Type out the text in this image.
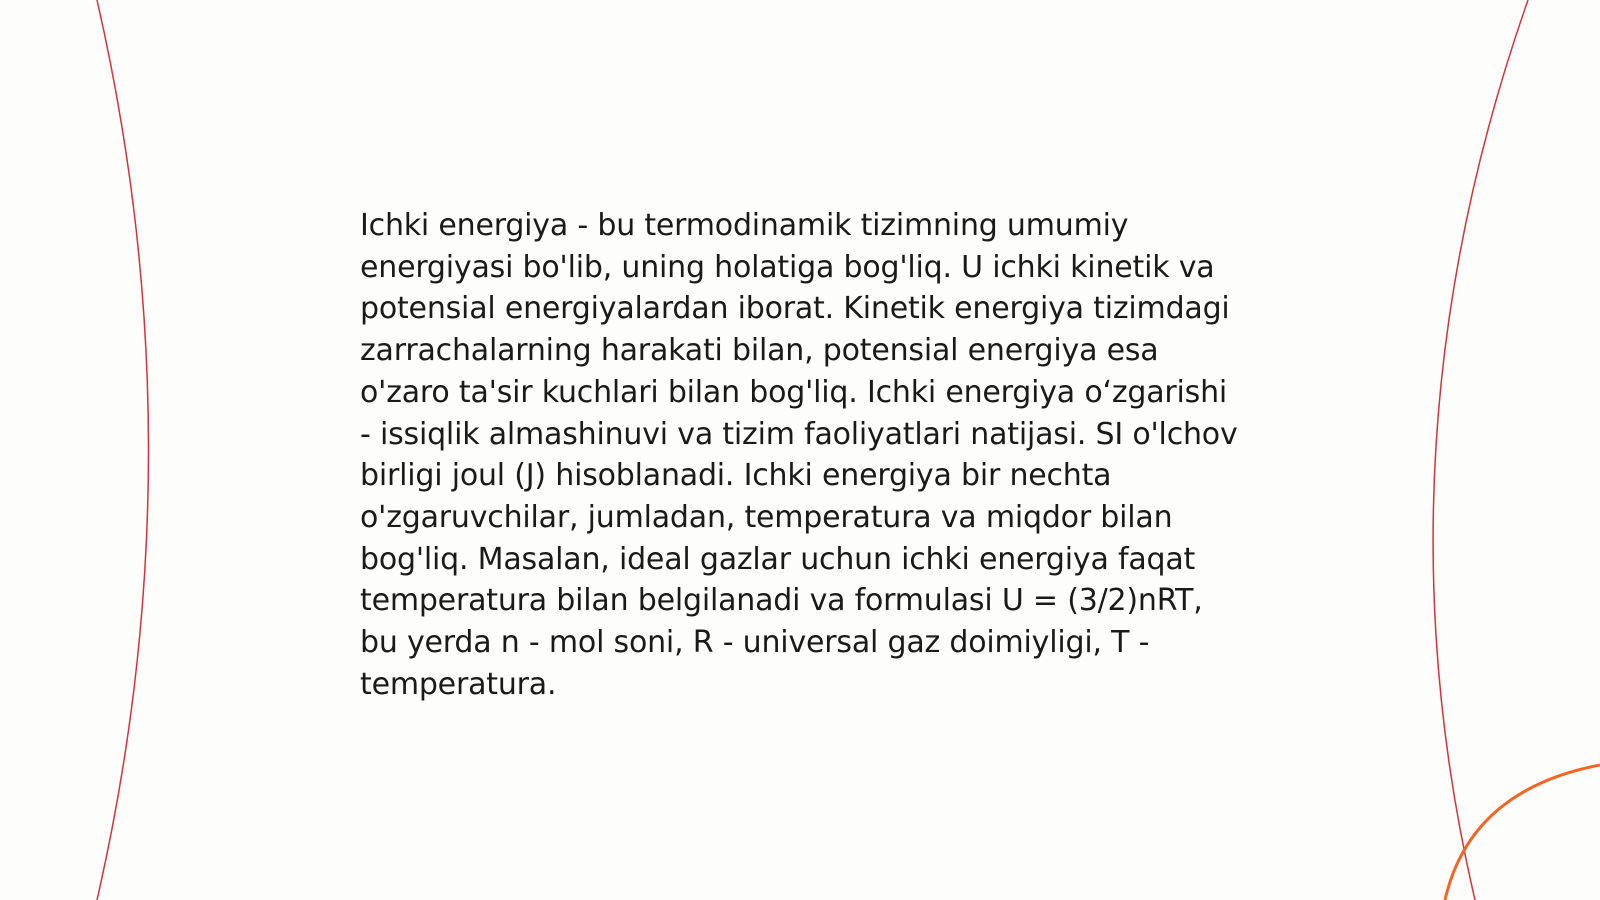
Ichki energiya - bu termodinamik tizimning umumiy energiyasi bo'lib, uning holatiga bog'liq. U ichki kinetik va potensial energiyalardan iborat. Kinetik energiya tizimdagi zarrachalarning harakati bilan, potensial energiya esa o'zaro ta'sir kuchlari bilan bog'liq. Ichki energiya o‘zgarishi - issiqlik almashinuvi va tizim faoliyatlari natijasi. SI o'lchov birligi joul (J) hisoblanadi. Ichki energiya bir nechta o'zgaruvchilar, jumladan, temperatura va miqdor bilan bog'liq. Masalan, ideal gazlar uchun ichki energiya faqat temperatura bilan belgilanadi va formulasi U = (3/2)nRT, bu yerda n - mol soni, R - universal gaz doimiyligi, T - temperatura.
